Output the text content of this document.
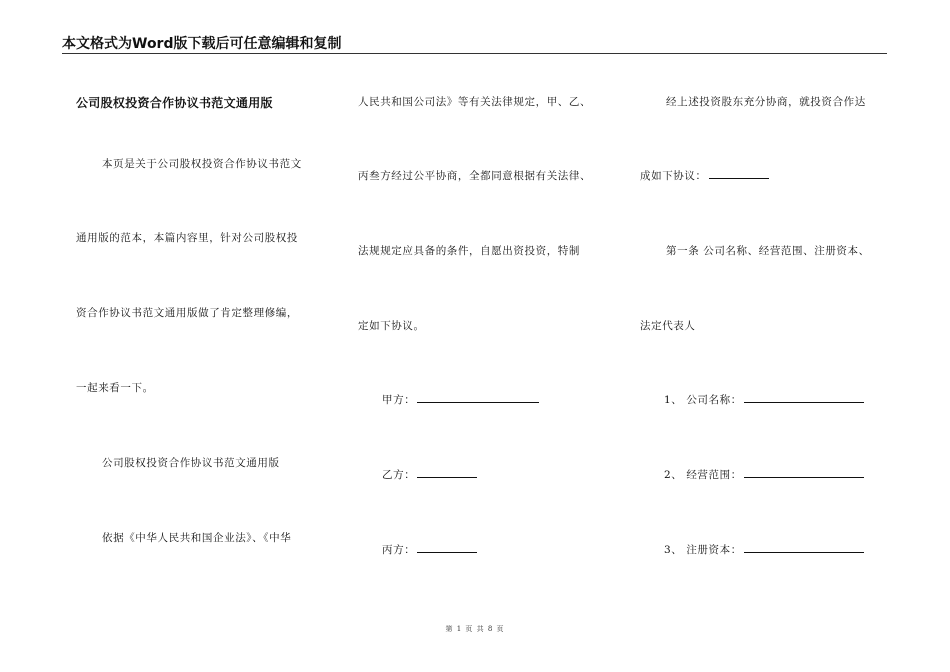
本文格式为Word版下载后可任意编辑和复制
公司股权投资合作协议书范文通用版
本页是关于公司股权投资合作协议书范文
通用版的范本，本篇内容里，针对公司股权投
资合作协议书范文通用版做了肯定整理修编，
一起来看一下。
公司股权投资合作协议书范文通用版
依据《中华人民共和国企业法》、《中华
人民共和国公司法》等有关法律规定，甲、乙、
丙叁方经过公平协商，全都同意根据有关法律、
法规规定应具备的条件，自愿出资投资，特制
定如下协议。
甲方：
乙方：
丙方：
经上述投资股东充分协商，就投资合作达
成如下协议：
第一条 公司名称、经营范围、注册资本、
法定代表人
1、 公司名称：
2、 经营范围：
3、 注册资本：
第 1 页 共 8 页
